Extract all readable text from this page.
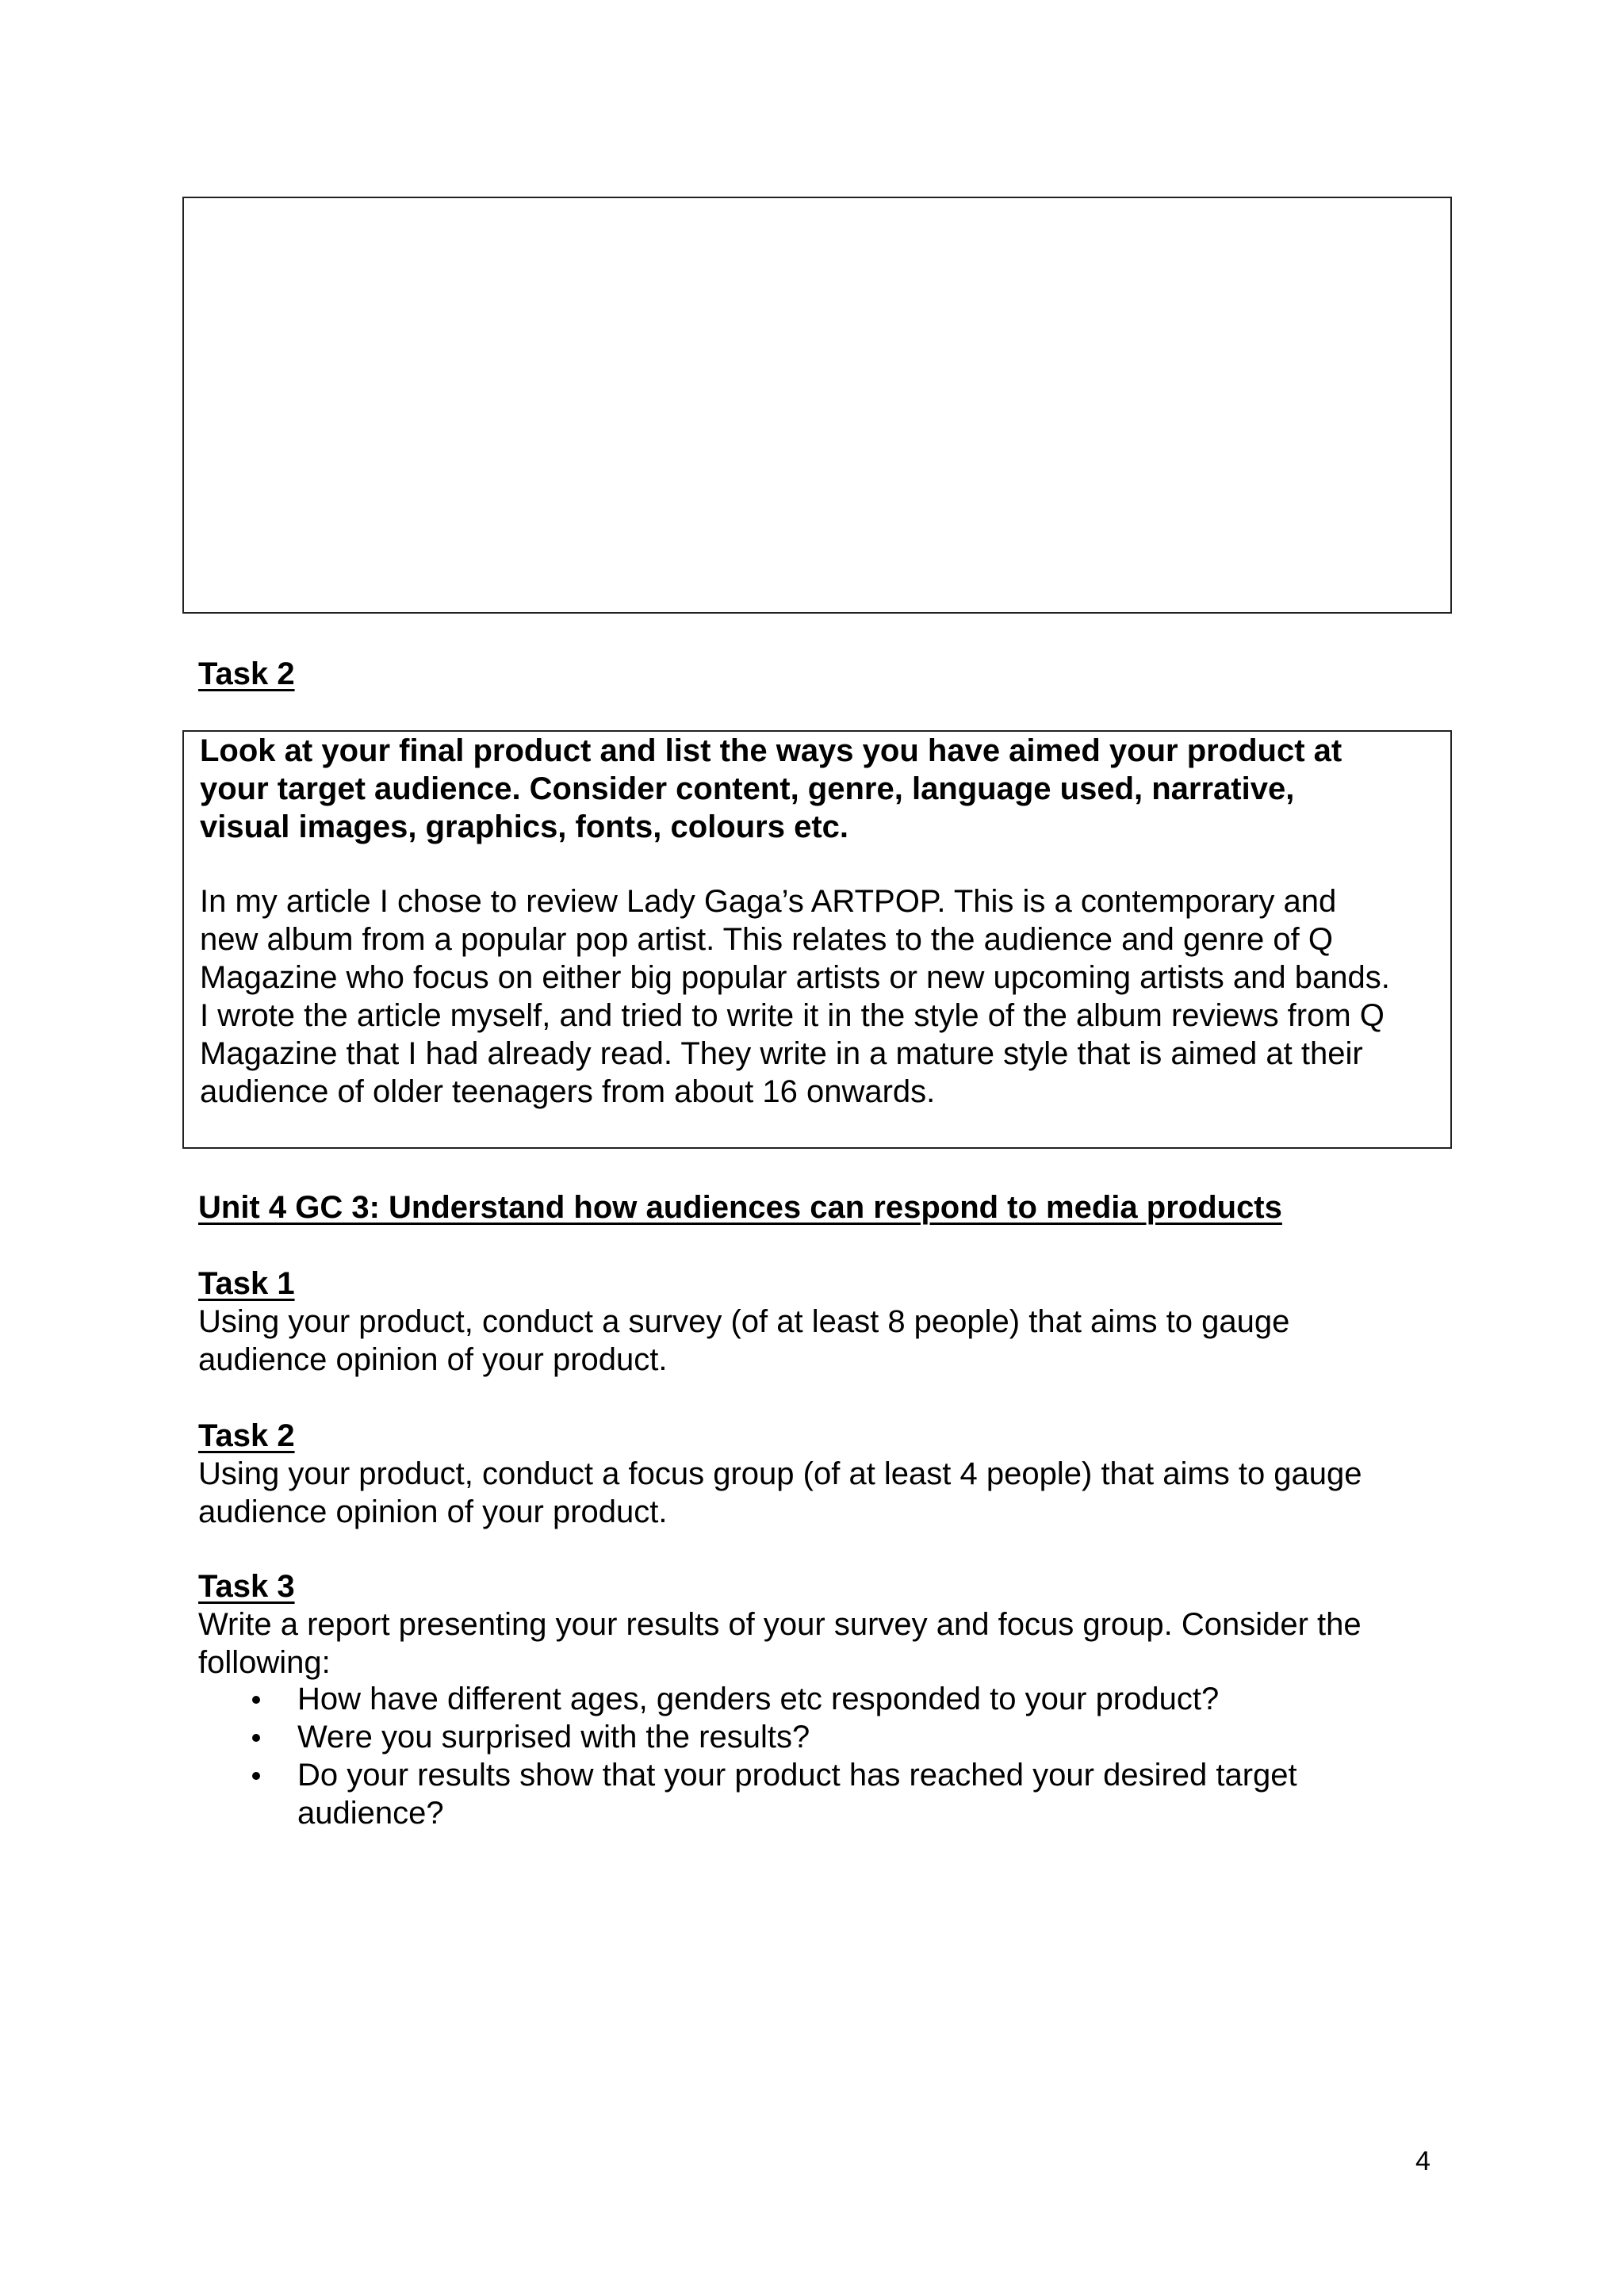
Task 2
Look at your final product and list the ways you have aimed your product at
your target audience. Consider content, genre, language used, narrative,
visual images, graphics, fonts, colours etc.
In my article I chose to review Lady Gaga’s ARTPOP. This is a contemporary and
new album from a popular pop artist. This relates to the audience and genre of Q
Magazine who focus on either big popular artists or new upcoming artists and bands.
I wrote the article myself, and tried to write it in the style of the album reviews from Q
Magazine that I had already read. They write in a mature style that is aimed at their
audience of older teenagers from about 16 onwards.
Unit 4 GC 3: Understand how audiences can respond to media products
Task 1
Using your product, conduct a survey (of at least 8 people) that aims to gauge
audience opinion of your product.
Task 2
Using your product, conduct a focus group (of at least 4 people) that aims to gauge
audience opinion of your product.
Task 3
Write a report presenting your results of your survey and focus group. Consider the
following:
How have different ages, genders etc responded to your product?
Were you surprised with the results?
Do your results show that your product has reached your desired target
audience?
4
